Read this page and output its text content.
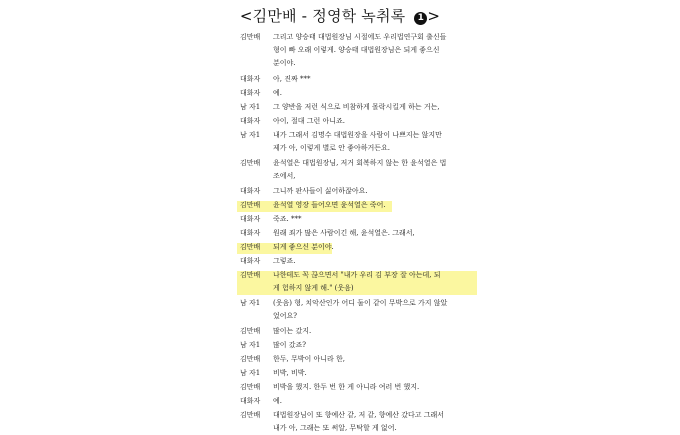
<김만배 - 정영학 녹취록 1 >
김만배 그리고 양승태 대법원장님 시절에도 우리법연구회 출신들
형이 빠 오래 이렇게. 양승태 대법원장님은 되게 좋으신
분이야.
대화자 아, 진짜 ***
대화자 예.
남 자1 그 양반을 저런 식으로 비참하게 몰락시킬게 하는 거는,
대화자 아이, 절대 그런 아니죠.
남 자1 내가 그래서 김명수 대법원장을 사람이 나쁘지는 않지만
제가 아, 이렇게 별로 안 좋아하거든요.
김만배 윤석열은 대법원장님, 저거 회복하지 않는 한 윤석열은 법
조에서,
대화자 그니까 판사들이 싫어하잖아요.
김만배 윤석열 영장 들어오면 윤석열은 죽어.
대화자 죽죠. ***
대화자 원래 죄가 많은 사람이긴 해, 윤석열은. 그래서,
김만배 되게 좋으신 분이야.
대화자 그렇죠.
김만배 나한테도 꼭 끊으면서 "내가 우리 김 부장 잘 아는데, 되
게 험하지 않게 해." (웃음)
남 자1 (웃음) 형, 치악산인가 어디 둘이 같이 무박으로 가지 않았
었어요?
김만배 많이는 갔지.
남 자1 많이 갔죠?
김만배 한두, 무박이 아니라 한,
남 자1 비박, 비박.
김만배 비박을 했지. 한두 번 한 게 아니라 여러 번 했지.
대화자 예.
김만배 대법원장님이 또 향예산 같, 저 같, 향예산 갔다고 그래서
내가 아, 그래는 또 써알, 무탁할 게 없어.
